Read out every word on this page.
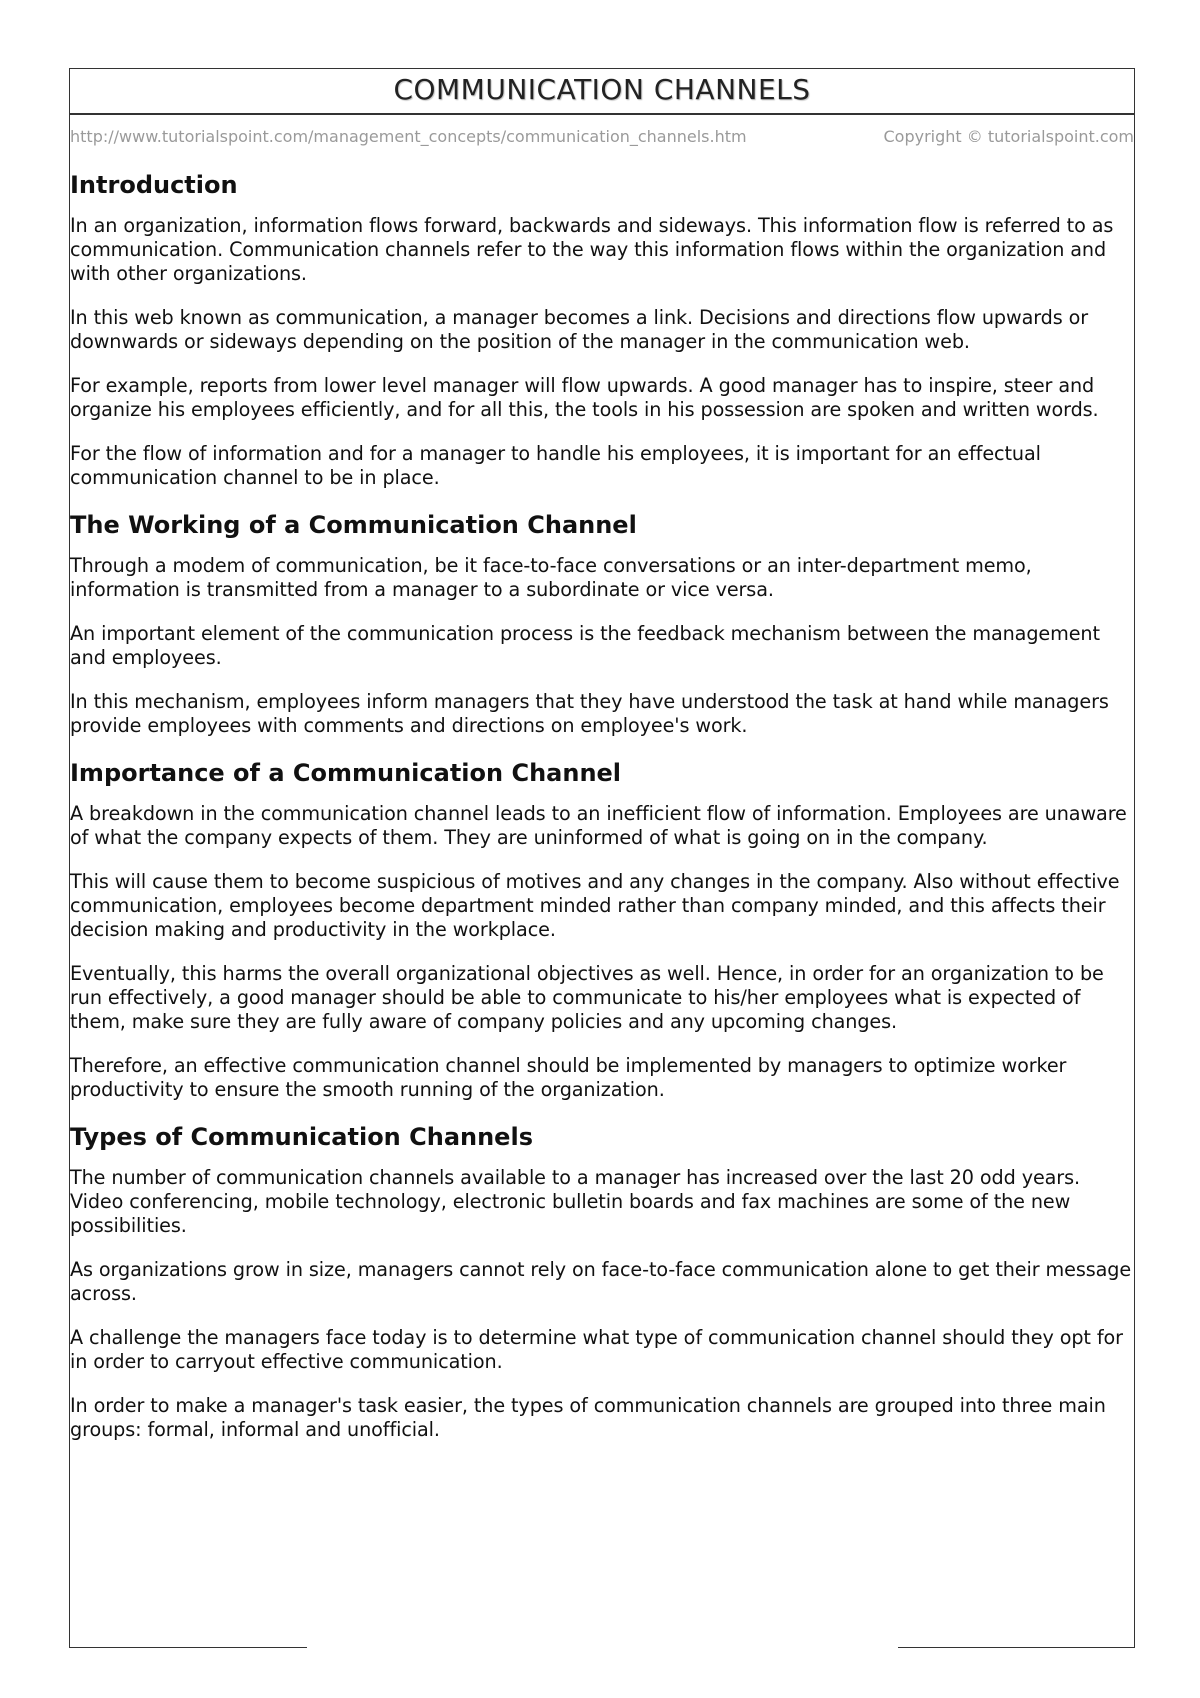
COMMUNICATION CHANNELS
http://www.tutorialspoint.com/management_concepts/communication_channels.htm	Copyright © tutorialspoint.com
Introduction

In an organization, information flows forward, backwards and sideways. This information flow is referred to as communication. Communication channels refer to the way this information flows within the organization and with other organizations.

In this web known as communication, a manager becomes a link. Decisions and directions flow upwards or downwards or sideways depending on the position of the manager in the communication web.

For example, reports from lower level manager will flow upwards. A good manager has to inspire, steer and organize his employees efficiently, and for all this, the tools in his possession are spoken and written words.

For the flow of information and for a manager to handle his employees, it is important for an effectual communication channel to be in place.

The Working of a Communication Channel

Through a modem of communication, be it face-to-face conversations or an inter-department memo, information is transmitted from a manager to a subordinate or vice versa.

An important element of the communication process is the feedback mechanism between the management and employees.

In this mechanism, employees inform managers that they have understood the task at hand while managers provide employees with comments and directions on employee's work.

Importance of a Communication Channel

A breakdown in the communication channel leads to an inefficient flow of information. Employees are unaware of what the company expects of them. They are uninformed of what is going on in the company.

This will cause them to become suspicious of motives and any changes in the company. Also without effective communication, employees become department minded rather than company minded, and this affects their decision making and productivity in the workplace.

Eventually, this harms the overall organizational objectives as well. Hence, in order for an organization to be run effectively, a good manager should be able to communicate to his/her employees what is expected of them, make sure they are fully aware of company policies and any upcoming changes.

Therefore, an effective communication channel should be implemented by managers to optimize worker productivity to ensure the smooth running of the organization.

Types of Communication Channels

The number of communication channels available to a manager has increased over the last 20 odd years. Video conferencing, mobile technology, electronic bulletin boards and fax machines are some of the new possibilities.

As organizations grow in size, managers cannot rely on face-to-face communication alone to get their message across.

A challenge the managers face today is to determine what type of communication channel should they opt for in order to carryout effective communication.

In order to make a manager's task easier, the types of communication channels are grouped into three main groups: formal, informal and unofficial.
